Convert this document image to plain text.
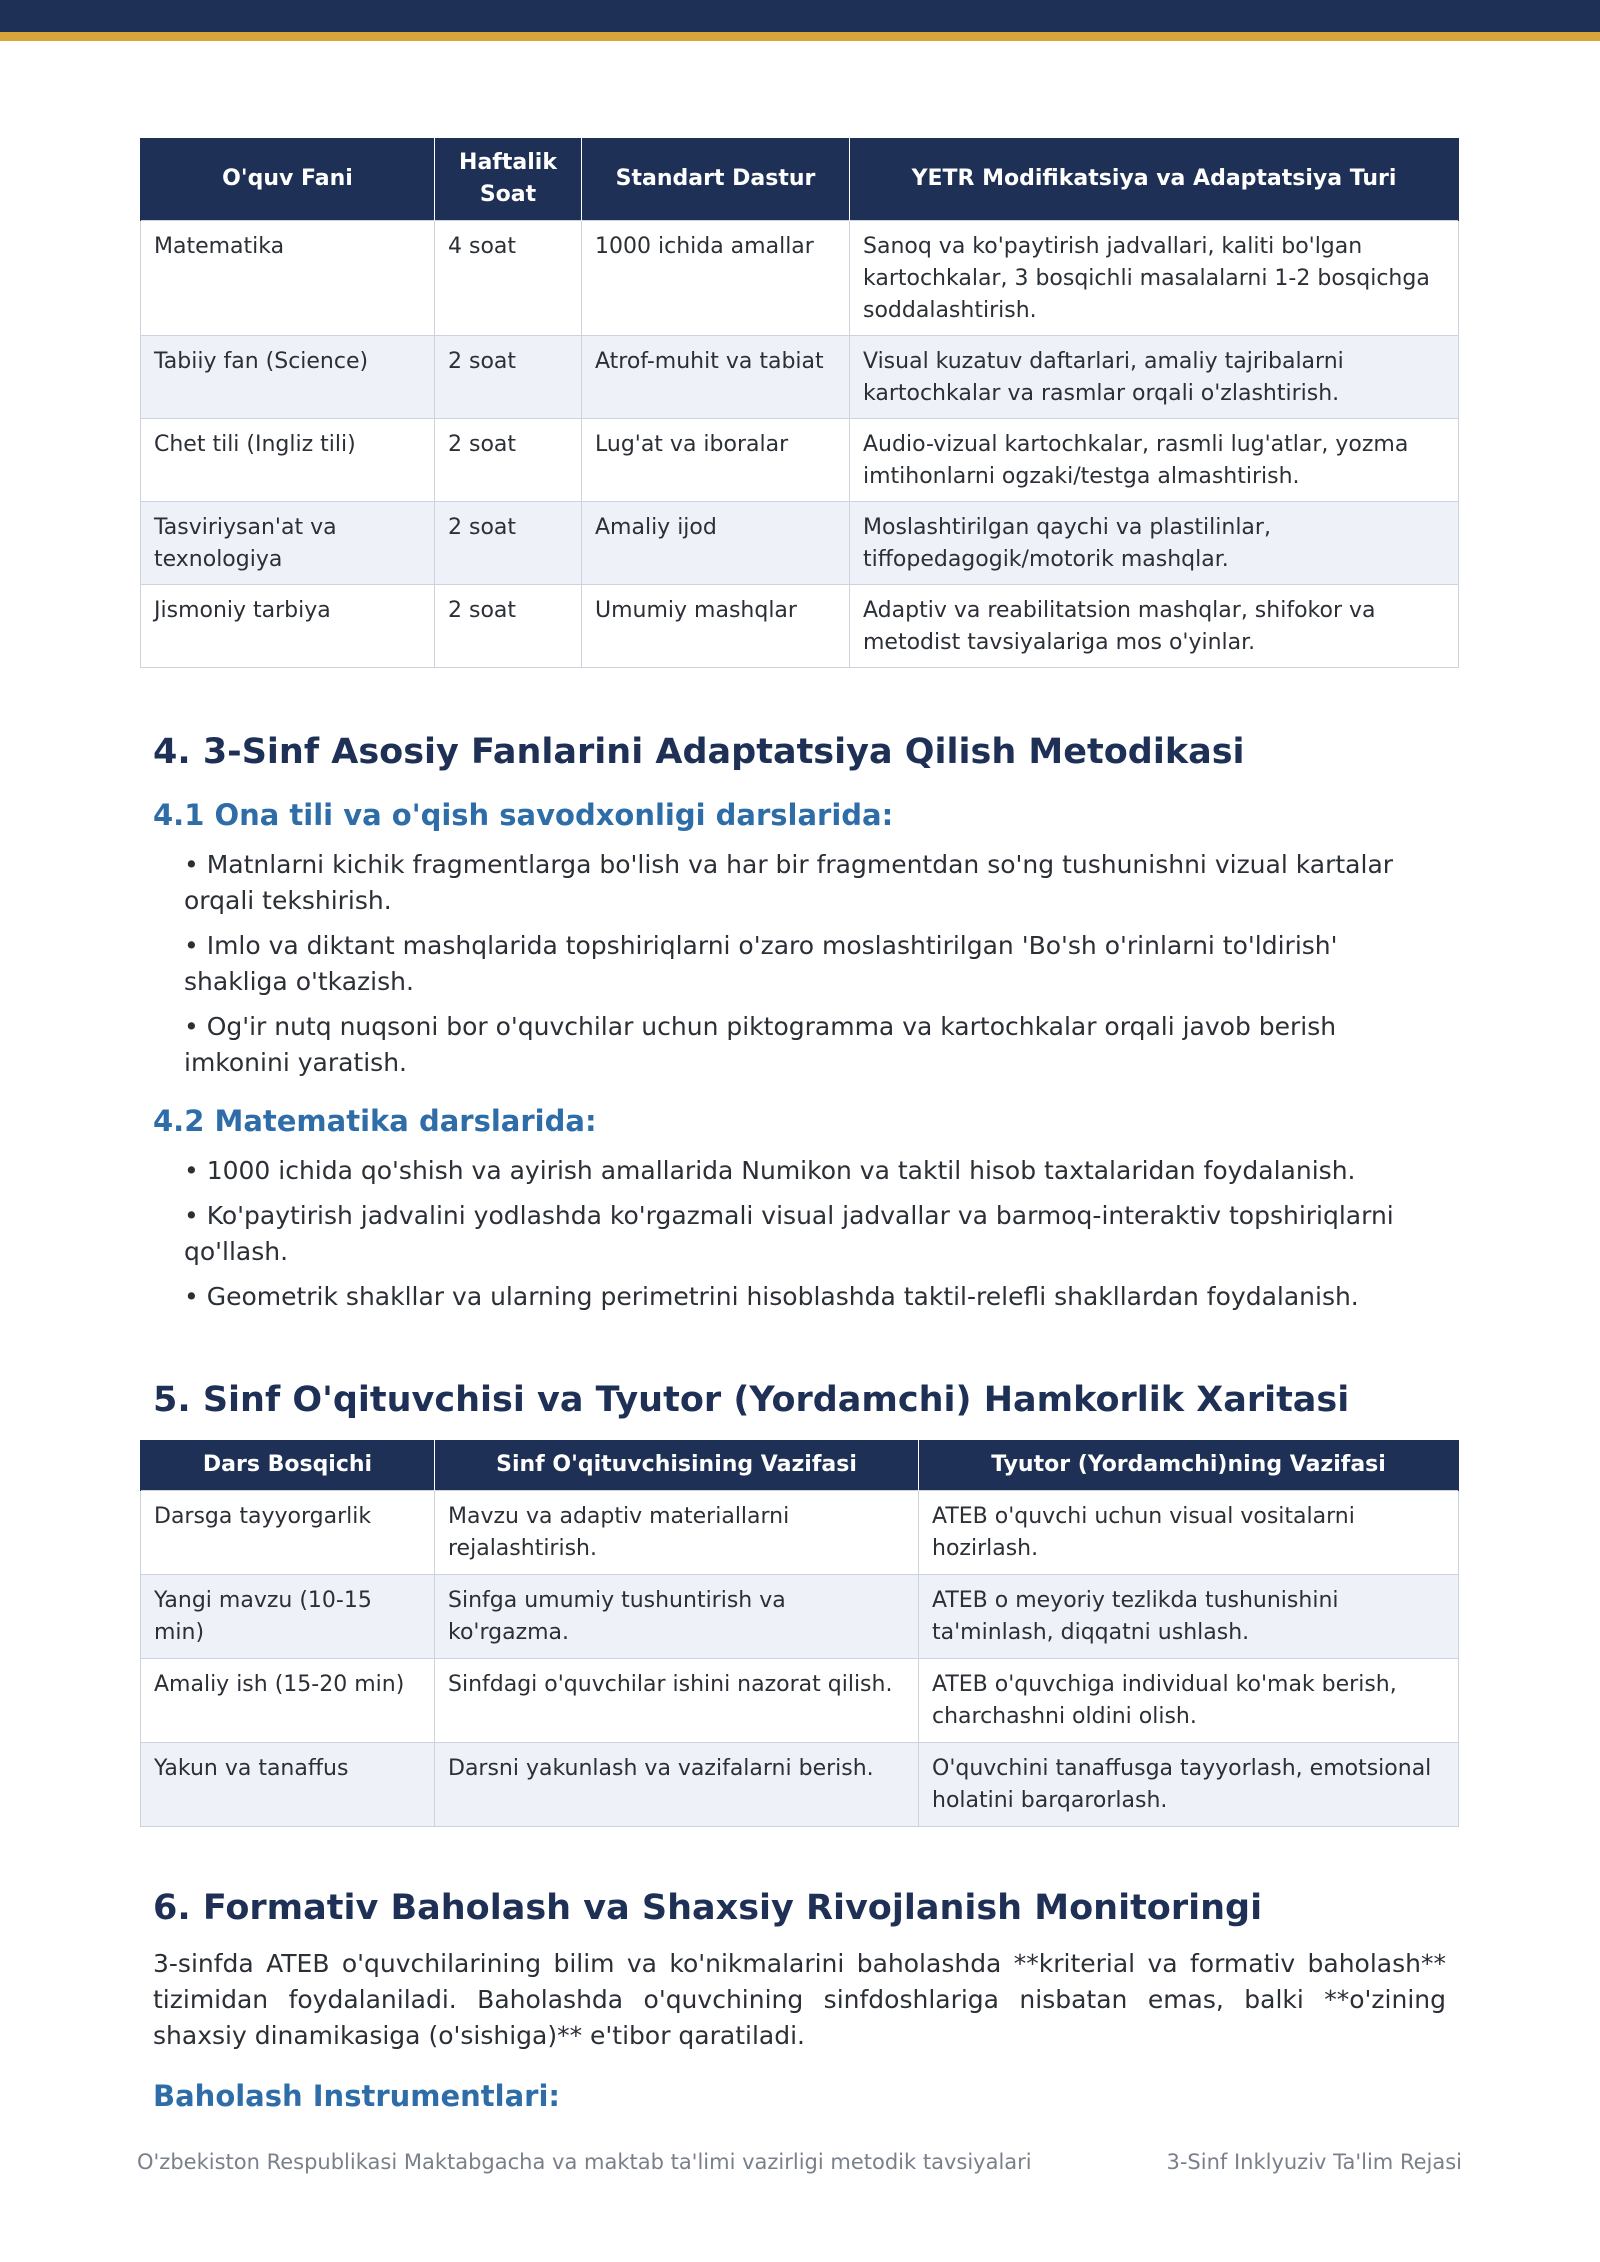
O'quv Fani	Haftalik Soat	Standart Dastur	YETR Modifikatsiya va Adaptatsiya Turi
Matematika	4 soat	1000 ichida amallar	Sanoq va ko'paytirish jadvallari, kaliti bo'lgan kartochkalar, 3 bosqichli masalalarni 1-2 bosqichga soddalashtirish.
Tabiiy fan (Science)	2 soat	Atrof-muhit va tabiat	Visual kuzatuv daftarlari, amaliy tajribalarni kartochkalar va rasmlar orqali o'zlashtirish.
Chet tili (Ingliz tili)	2 soat	Lug'at va iboralar	Audio-vizual kartochkalar, rasmli lug'atlar, yozma imtihonlarni ogzaki/testga almashtirish.
Tasviriysan'at va texnologiya	2 soat	Amaliy ijod	Moslashtirilgan qaychi va plastilinlar, tiffopedagogik/motorik mashqlar.
Jismoniy tarbiya	2 soat	Umumiy mashqlar	Adaptiv va reabilitatsion mashqlar, shifokor va metodist tavsiyalariga mos o'yinlar.
4. 3-Sinf Asosiy Fanlarini Adaptatsiya Qilish Metodikasi
4.1 Ona tili va o'qish savodxonligi darslarida:
• Matnlarni kichik fragmentlarga bo'lish va har bir fragmentdan so'ng tushunishni vizual kartalar orqali tekshirish.
• Imlo va diktant mashqlarida topshiriqlarni o'zaro moslashtirilgan 'Bo'sh o'rinlarni to'ldirish' shakliga o'tkazish.
• Og'ir nutq nuqsoni bor o'quvchilar uchun piktogramma va kartochkalar orqali javob berish imkonini yaratish.
4.2 Matematika darslarida:
• 1000 ichida qo'shish va ayirish amallarida Numikon va taktil hisob taxtalaridan foydalanish.
• Ko'paytirish jadvalini yodlashda ko'rgazmali visual jadvallar va barmoq-interaktiv topshiriqlarni qo'llash.
• Geometrik shakllar va ularning perimetrini hisoblashda taktil-relefli shakllardan foydalanish.
5. Sinf O'qituvchisi va Tyutor (Yordamchi) Hamkorlik Xaritasi
Dars Bosqichi	Sinf O'qituvchisining Vazifasi	Tyutor (Yordamchi)ning Vazifasi
Darsga tayyorgarlik	Mavzu va adaptiv materiallarni rejalashtirish.	ATEB o'quvchi uchun visual vositalarni hozirlash.
Yangi mavzu (10-15 min)	Sinfga umumiy tushuntirish va ko'rgazma.	ATEB o meyoriy tezlikda tushunishini ta'minlash, diqqatni ushlash.
Amaliy ish (15-20 min)	Sinfdagi o'quvchilar ishini nazorat qilish.	ATEB o'quvchiga individual ko'mak berish, charchashni oldini olish.
Yakun va tanaffus	Darsni yakunlash va vazifalarni berish.	O'quvchini tanaffusga tayyorlash, emotsional holatini barqarorlash.
6. Formativ Baholash va Shaxsiy Rivojlanish Monitoringi

3-sinfda ATEB o'quvchilarining bilim va ko'nikmalarini baholashda **kriterial va formativ baholash** tizimidan foydalaniladi. Baholashda o'quvchining sinfdoshlariga nisbatan emas, balki **o'zining shaxsiy dinamikasiga (o'sishiga)** e'tibor qaratiladi.

Baholash Instrumentlari:
O'zbekiston Respublikasi Maktabgacha va maktab ta'limi vazirligi metodik tavsiyalari	3-Sinf Inklyuziv Ta'lim Rejasi
